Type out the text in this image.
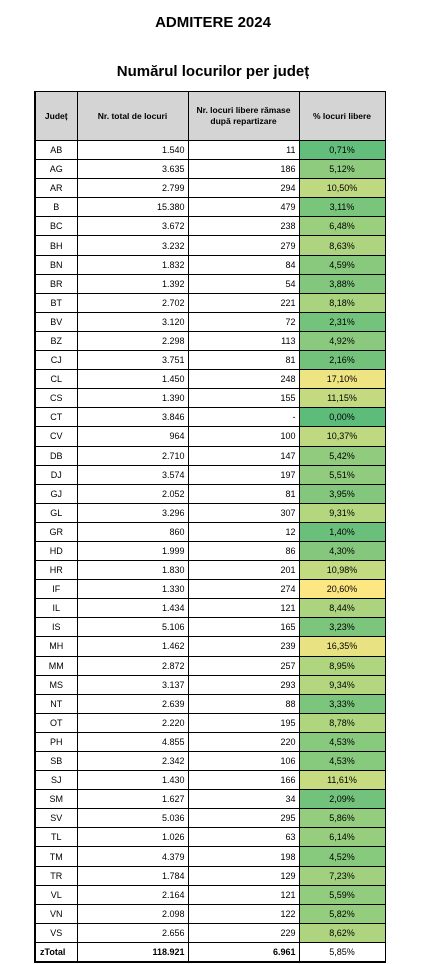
ADMITERE 2024
Numărul locurilor per județ
Județ	Nr. total de locuri	Nr. locuri libere rămase după repartizare	% locuri libere
AB	1.540	11	0,71%
AG	3.635	186	5,12%
AR	2.799	294	10,50%
B	15.380	479	3,11%
BC	3.672	238	6,48%
BH	3.232	279	8,63%
BN	1.832	84	4,59%
BR	1.392	54	3,88%
BT	2.702	221	8,18%
BV	3.120	72	2,31%
BZ	2.298	113	4,92%
CJ	3.751	81	2,16%
CL	1.450	248	17,10%
CS	1.390	155	11,15%
CT	3.846	-	0,00%
CV	964	100	10,37%
DB	2.710	147	5,42%
DJ	3.574	197	5,51%
GJ	2.052	81	3,95%
GL	3.296	307	9,31%
GR	860	12	1,40%
HD	1.999	86	4,30%
HR	1.830	201	10,98%
IF	1.330	274	20,60%
IL	1.434	121	8,44%
IS	5.106	165	3,23%
MH	1.462	239	16,35%
MM	2.872	257	8,95%
MS	3.137	293	9,34%
NT	2.639	88	3,33%
OT	2.220	195	8,78%
PH	4.855	220	4,53%
SB	2.342	106	4,53%
SJ	1.430	166	11,61%
SM	1.627	34	2,09%
SV	5.036	295	5,86%
TL	1.026	63	6,14%
TM	4.379	198	4,52%
TR	1.784	129	7,23%
VL	2.164	121	5,59%
VN	2.098	122	5,82%
VS	2.656	229	8,62%
zTotal	118.921	6.961	5,85%
